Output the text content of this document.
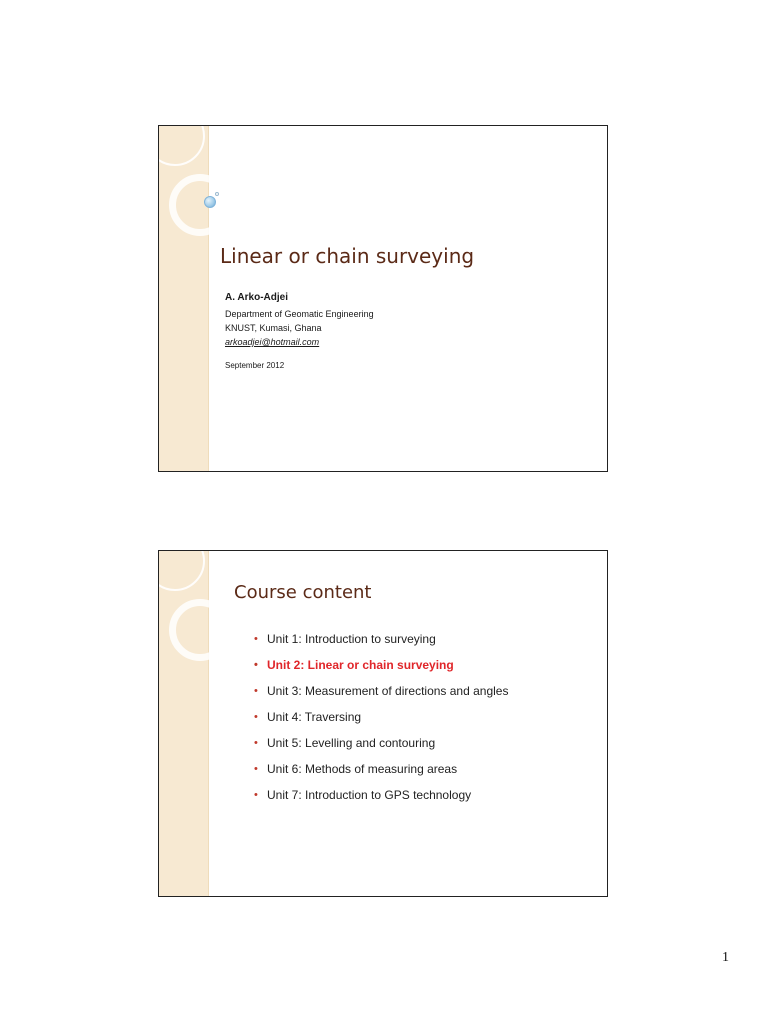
Linear or chain surveying
A. Arko-Adjei
Department of Geomatic Engineering
KNUST, Kumasi, Ghana
arkoadjei@hotmail.com
September 2012
Course content
• Unit 1: Introduction to surveying
• Unit 2: Linear or chain surveying
• Unit 3: Measurement of directions and angles
• Unit 4: Traversing
• Unit 5: Levelling and contouring
• Unit 6: Methods of measuring areas
• Unit 7: Introduction to GPS technology
1
